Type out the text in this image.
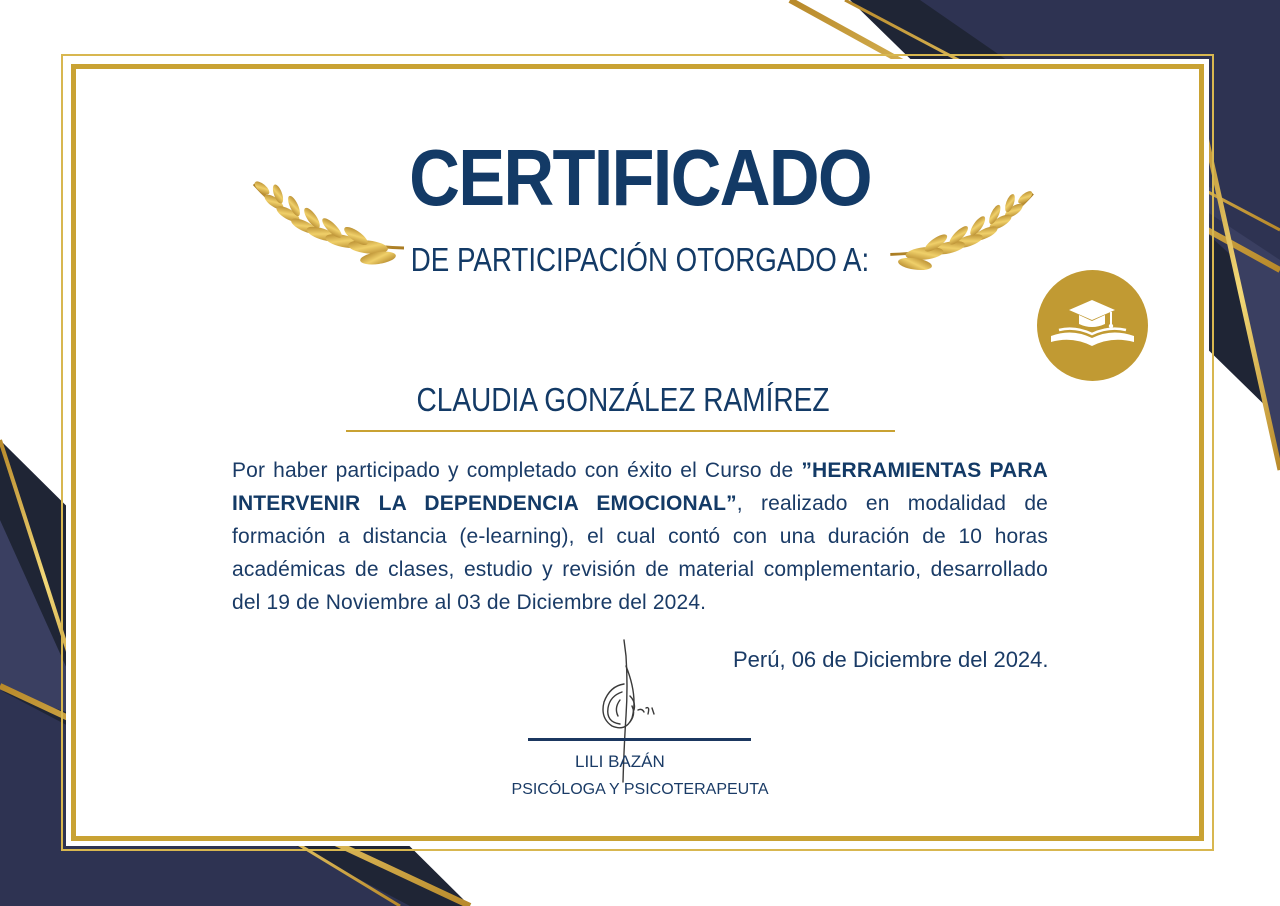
CERTIFICADO
DE PARTICIPACIÓN OTORGADO A:
CLAUDIA GONZÁLEZ RAMÍREZ
Por haber participado y completado con éxito el Curso de ”HERRAMIENTAS PARA INTERVENIR LA DEPENDENCIA EMOCIONAL”, realizado en modalidad de formación a distancia (e-learning), el cual contó con una duración de 10 horas académicas de clases, estudio y revisión de material complementario, desarrollado del 19 de Noviembre al 03 de Diciembre del 2024.
Perú, 06 de Diciembre del 2024.
LILI BAZÁN
PSICÓLOGA Y PSICOTERAPEUTA
